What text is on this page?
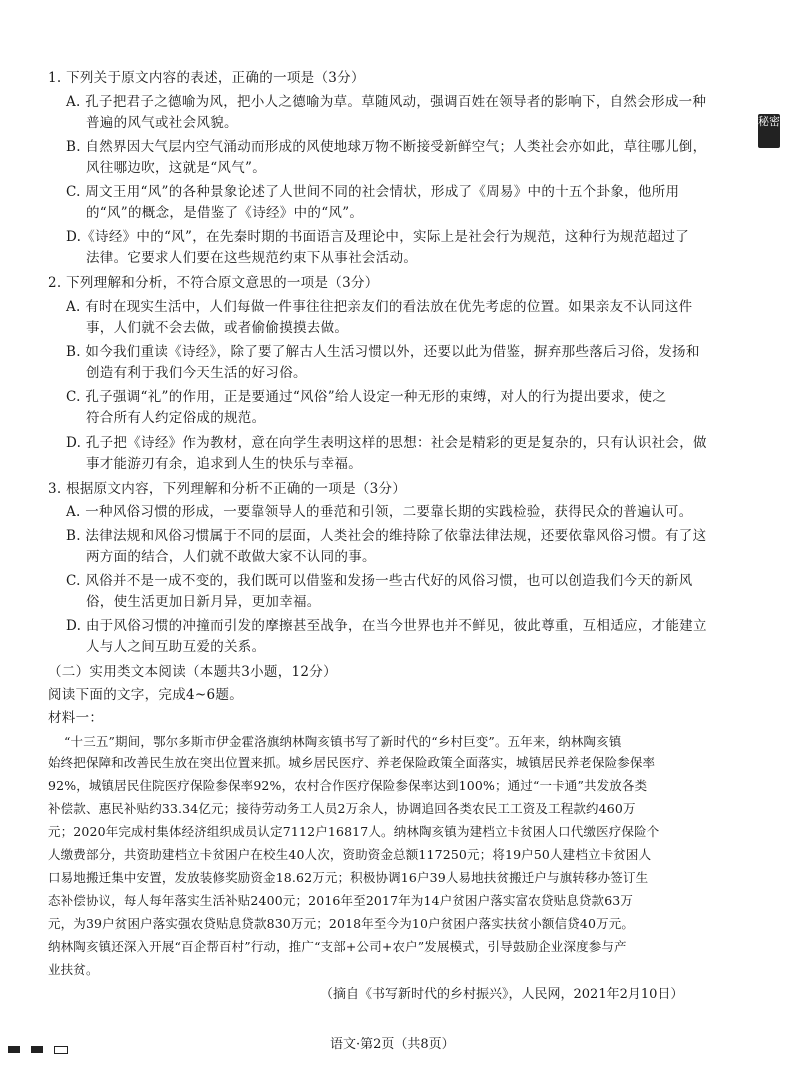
秘密
1. 下列关于原文内容的表述，正确的一项是（3分）
A. 孔子把君子之德喻为风，把小人之德喻为草。草随风动，强调百姓在领导者的影响下，自然会形成一种
普遍的风气或社会风貌。
B. 自然界因大气层内空气涌动而形成的风使地球万物不断接受新鲜空气；人类社会亦如此，草往哪儿倒，
风往哪边吹，这就是“风气”。
C. 周文王用“风”的各种景象论述了人世间不同的社会情状，形成了《周易》中的十五个卦象，他所用
的“风”的概念，是借鉴了《诗经》中的“风”。
D.《诗经》中的“风”，在先秦时期的书面语言及理论中，实际上是社会行为规范，这种行为规范超过了
法律。它要求人们要在这些规范约束下从事社会活动。
2. 下列理解和分析，不符合原文意思的一项是（3分）
A. 有时在现实生活中，人们每做一件事往往把亲友们的看法放在优先考虑的位置。如果亲友不认同这件
事，人们就不会去做，或者偷偷摸摸去做。
B. 如今我们重读《诗经》，除了要了解古人生活习惯以外，还要以此为借鉴，摒弃那些落后习俗，发扬和
创造有利于我们今天生活的好习俗。
C. 孔子强调“礼”的作用，正是要通过“风俗”给人设定一种无形的束缚，对人的行为提出要求，使之
符合所有人约定俗成的规范。
D. 孔子把《诗经》作为教材，意在向学生表明这样的思想：社会是精彩的更是复杂的，只有认识社会，做
事才能游刃有余，追求到人生的快乐与幸福。
3. 根据原文内容，下列理解和分析不正确的一项是（3分）
A. 一种风俗习惯的形成，一要靠领导人的垂范和引领，二要靠长期的实践检验，获得民众的普遍认可。
B. 法律法规和风俗习惯属于不同的层面，人类社会的维持除了依靠法律法规，还要依靠风俗习惯。有了这
两方面的结合，人们就不敢做大家不认同的事。
C. 风俗并不是一成不变的，我们既可以借鉴和发扬一些古代好的风俗习惯，也可以创造我们今天的新风
俗，使生活更加日新月异，更加幸福。
D. 由于风俗习惯的冲撞而引发的摩擦甚至战争，在当今世界也并不鲜见，彼此尊重，互相适应，才能建立
人与人之间互助互爱的关系。
（二）实用类文本阅读（本题共3小题，12分）
阅读下面的文字，完成4~6题。
材料一：
“十三五”期间，鄂尔多斯市伊金霍洛旗纳林陶亥镇书写了新时代的“乡村巨变”。五年来，纳林陶亥镇
始终把保障和改善民生放在突出位置来抓。城乡居民医疗、养老保险政策全面落实，城镇居民养老保险参保率
92%，城镇居民住院医疗保险参保率92%，农村合作医疗保险参保率达到100%；通过“一卡通”共发放各类
补偿款、惠民补贴约33.34亿元；接待劳动务工人员2万余人，协调追回各类农民工工资及工程款约460万
元；2020年完成村集体经济组织成员认定7112户16817人。纳林陶亥镇为建档立卡贫困人口代缴医疗保险个
人缴费部分，共资助建档立卡贫困户在校生40人次，资助资金总额117250元；将19户50人建档立卡贫困人
口易地搬迁集中安置，发放装修奖励资金18.62万元；积极协调16户39人易地扶贫搬迁户与旗转移办签订生
态补偿协议，每人每年落实生活补贴2400元；2016年至2017年为14户贫困户落实富农贷贴息贷款63万
元，为39户贫困户落实强农贷贴息贷款830万元；2018年至今为10户贫困户落实扶贫小额信贷40万元。
纳林陶亥镇还深入开展“百企帮百村”行动，推广“支部+公司+农户”发展模式，引导鼓励企业深度参与产
业扶贫。
（摘自《书写新时代的乡村振兴》，人民网，2021年2月10日）

语文·第2页（共8页）
